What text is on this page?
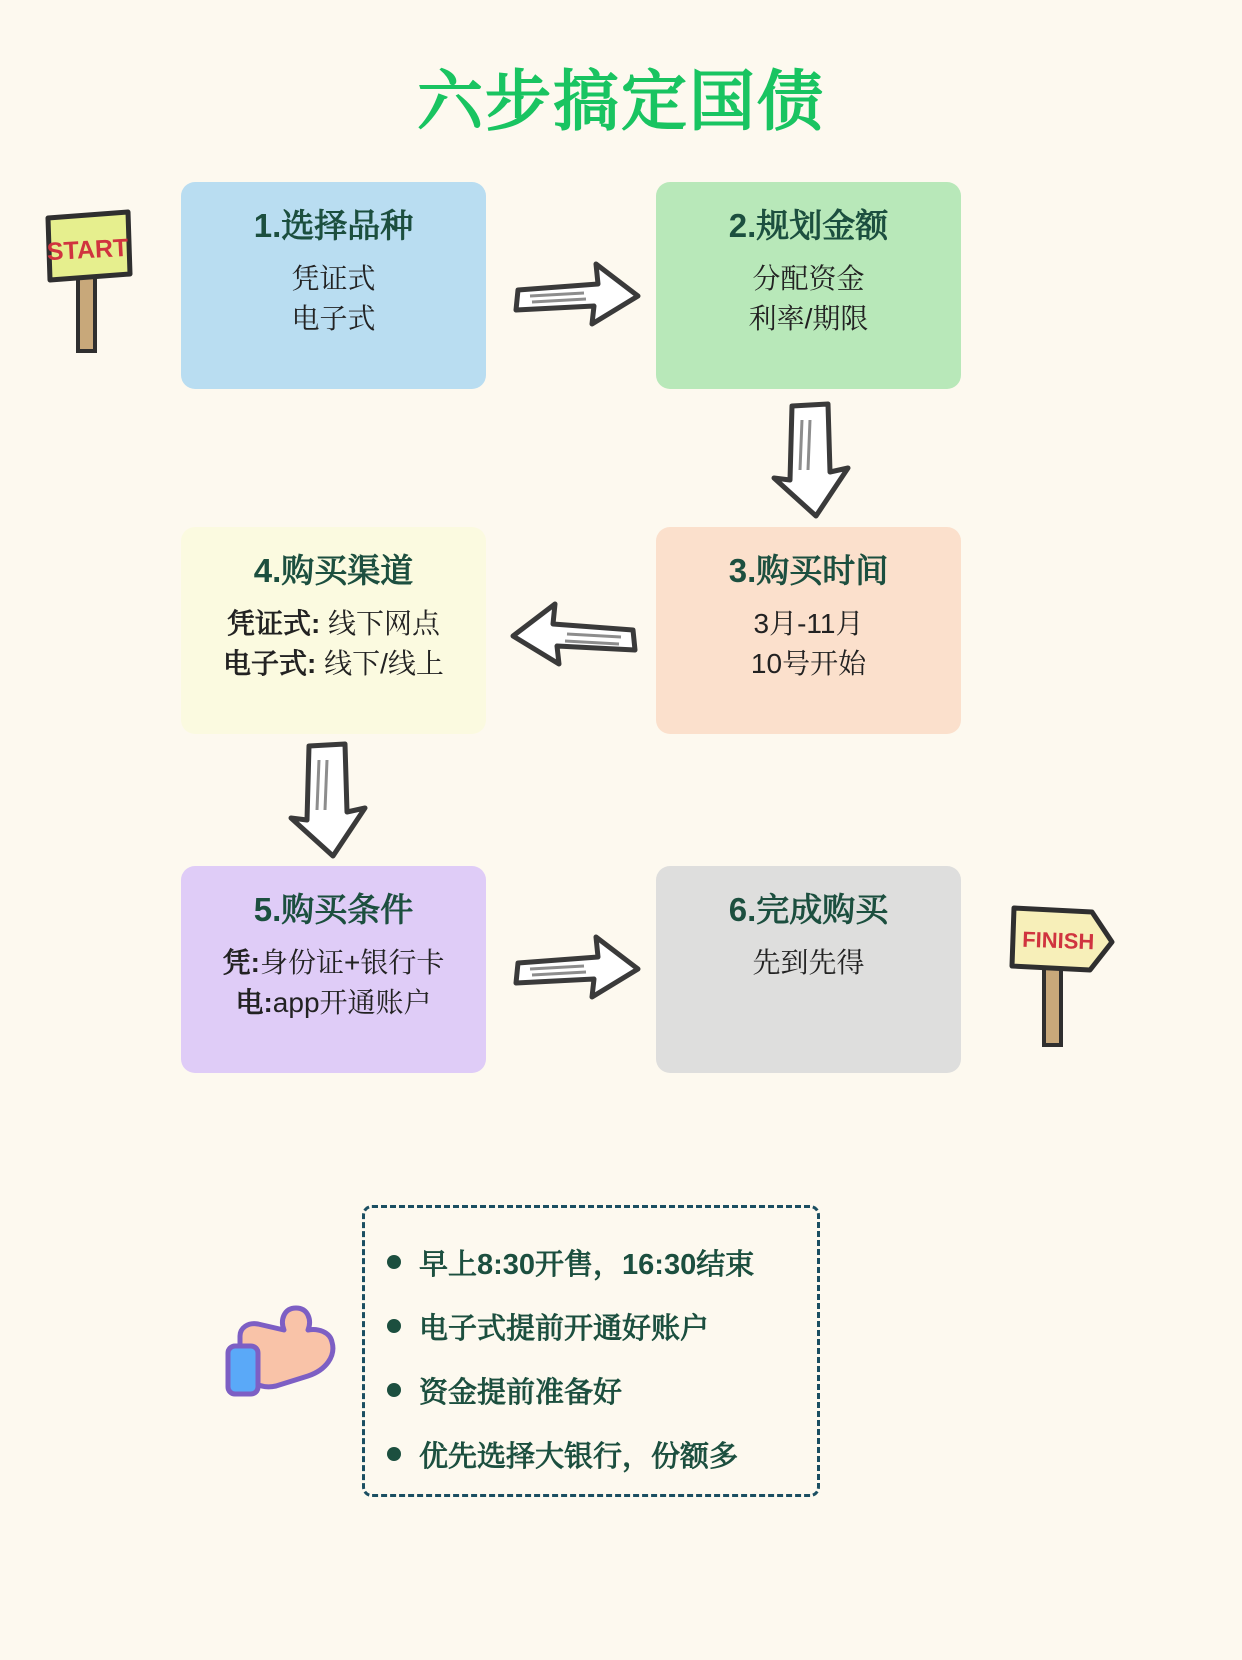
六步搞定国债
START
1.选择品种
凭证式
电子式
2.规划金额
分配资金
利率/期限
3.购买时间
3月-11月
10号开始
4.购买渠道
凭证式: 线下网点
电子式: 线下/线上
5.购买条件
凭:身份证+银行卡
电:app开通账户
6.完成购买
先到先得
FINISH
早上8:30开售，16:30结束
电子式提前开通好账户
资金提前准备好
优先选择大银行，份额多
